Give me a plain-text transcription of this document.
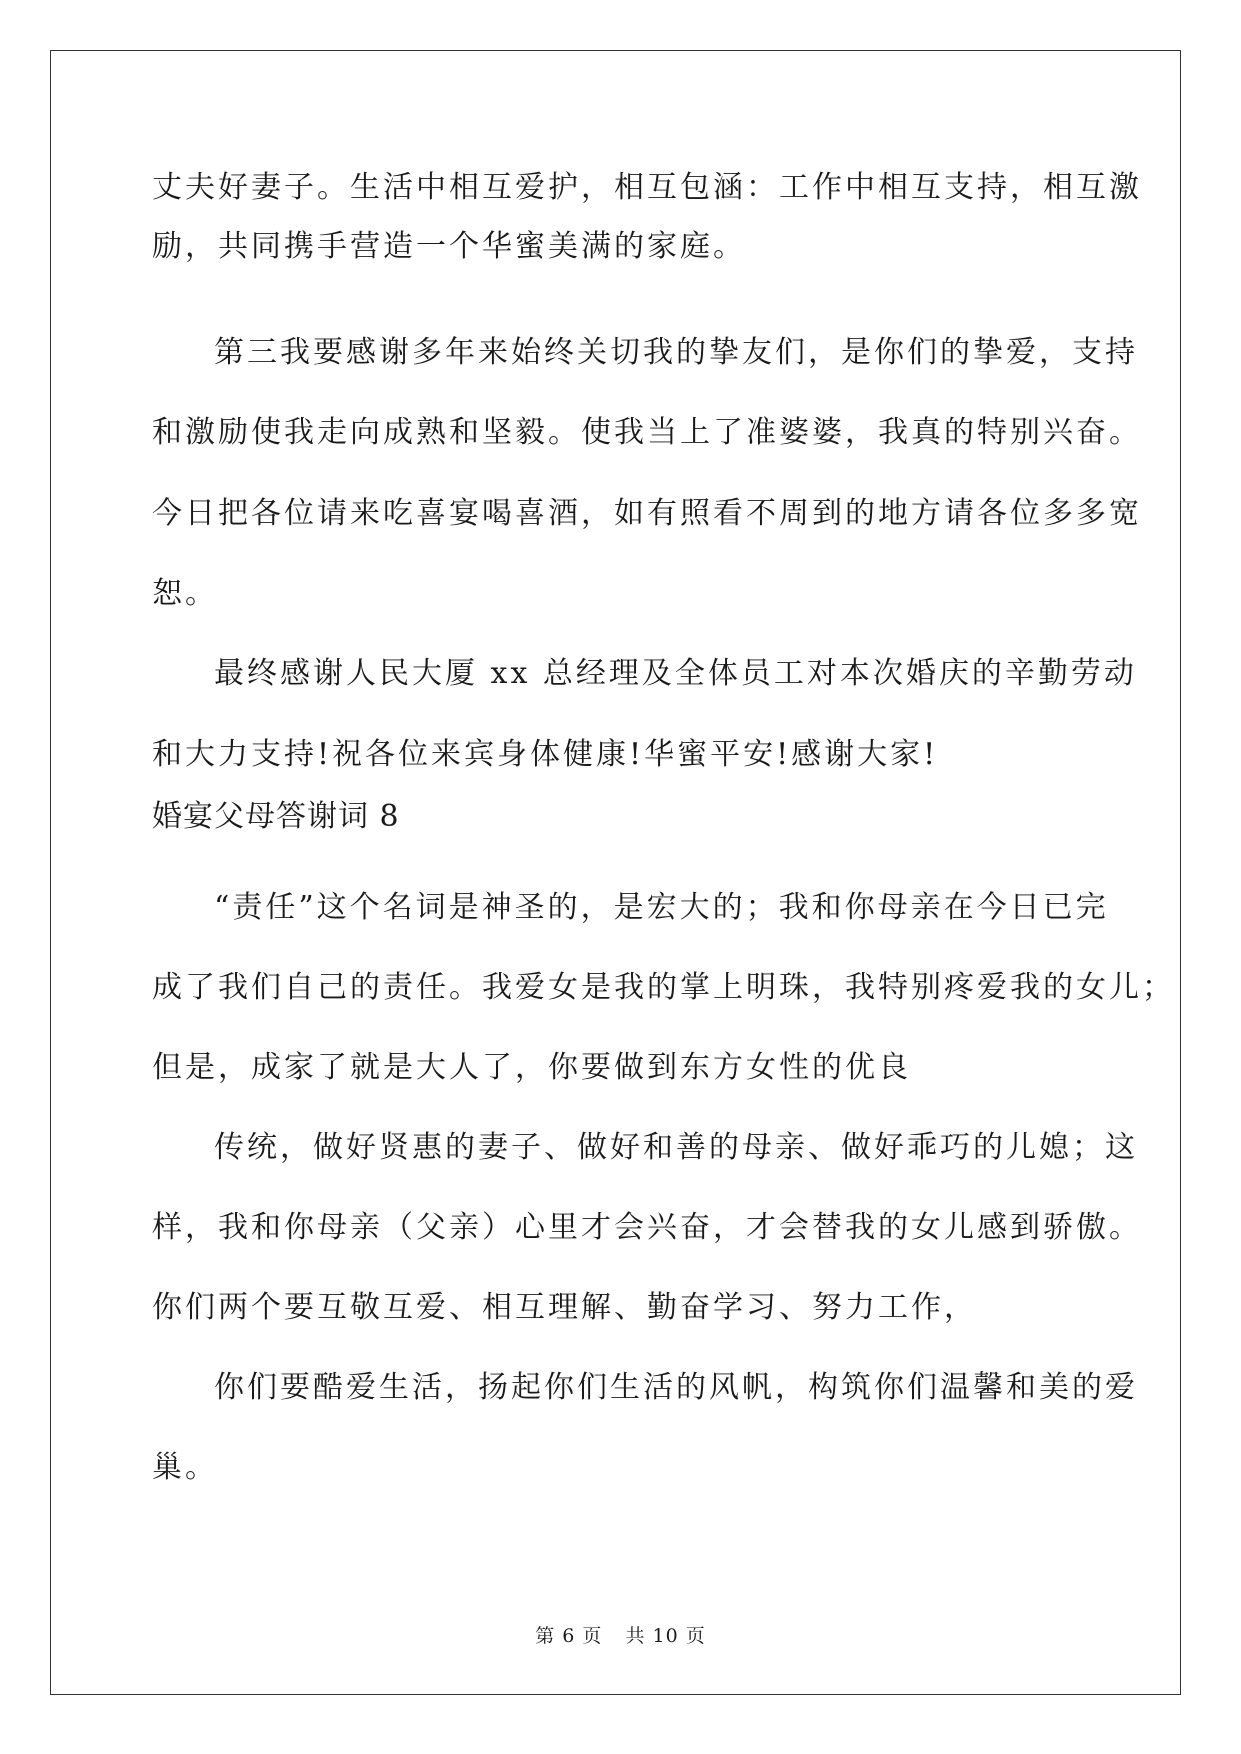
丈夫好妻子。生活中相互爱护，相互包涵：工作中相互支持，相互激
励，共同携手营造一个华蜜美满的家庭。
第三我要感谢多年来始终关切我的挚友们，是你们的挚爱，支持
和激励使我走向成熟和坚毅。使我当上了准婆婆，我真的特别兴奋。
今日把各位请来吃喜宴喝喜酒，如有照看不周到的地方请各位多多宽
恕。
最终感谢人民大厦 xx 总经理及全体员工对本次婚庆的辛勤劳动
和大力支持!祝各位来宾身体健康!华蜜平安!感谢大家!
婚宴父母答谢词 8
“责任”这个名词是神圣的，是宏大的；我和你母亲在今日已完
成了我们自己的责任。我爱女是我的掌上明珠，我特别疼爱我的女儿；
但是，成家了就是大人了，你要做到东方女性的优良
传统，做好贤惠的妻子、做好和善的母亲、做好乖巧的儿媳；这
样，我和你母亲（父亲）心里才会兴奋，才会替我的女儿感到骄傲。
你们两个要互敬互爱、相互理解、勤奋学习、努力工作，
你们要酷爱生活，扬起你们生活的风帆，构筑你们温馨和美的爱
巢。
第 6 页 共 10 页
